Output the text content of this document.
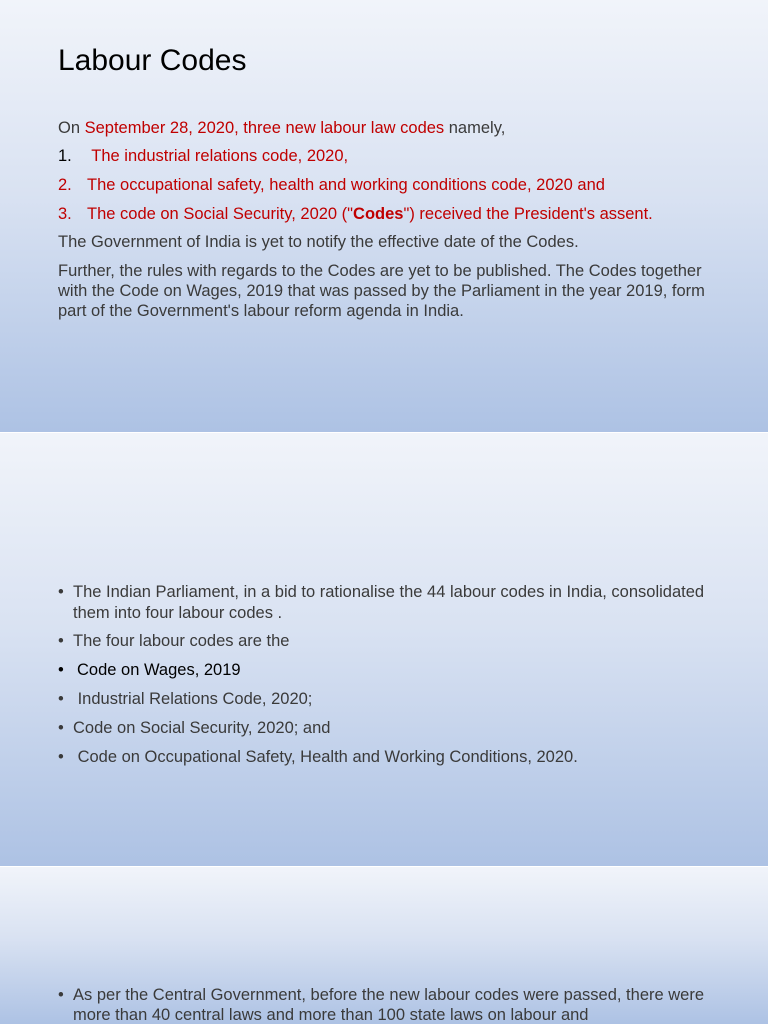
Labour Codes

On September 28, 2020, three new labour law codes namely,

1. The industrial relations code, 2020,
2. The occupational safety, health and working conditions code, 2020 and
3. The code on Social Security, 2020 ("Codes") received the President's assent.

The Government of India is yet to notify the effective date of the Codes.

Further, the rules with regards to the Codes are yet to be published. The Codes together with the Code on Wages, 2019 that was passed by the Parliament in the year 2019, form part of the Government's labour reform agenda in India.

• The Indian Parliament, in a bid to rationalise the 44 labour codes in India, consolidated them into four labour codes .
• The four labour codes are the
• Code on Wages, 2019
• Industrial Relations Code, 2020;
• Code on Social Security, 2020; and
• Code on Occupational Safety, Health and Working Conditions, 2020.
• As per the Central Government, before the new labour codes were passed, there were more than 40 central laws and more than 100 state laws on labour and
